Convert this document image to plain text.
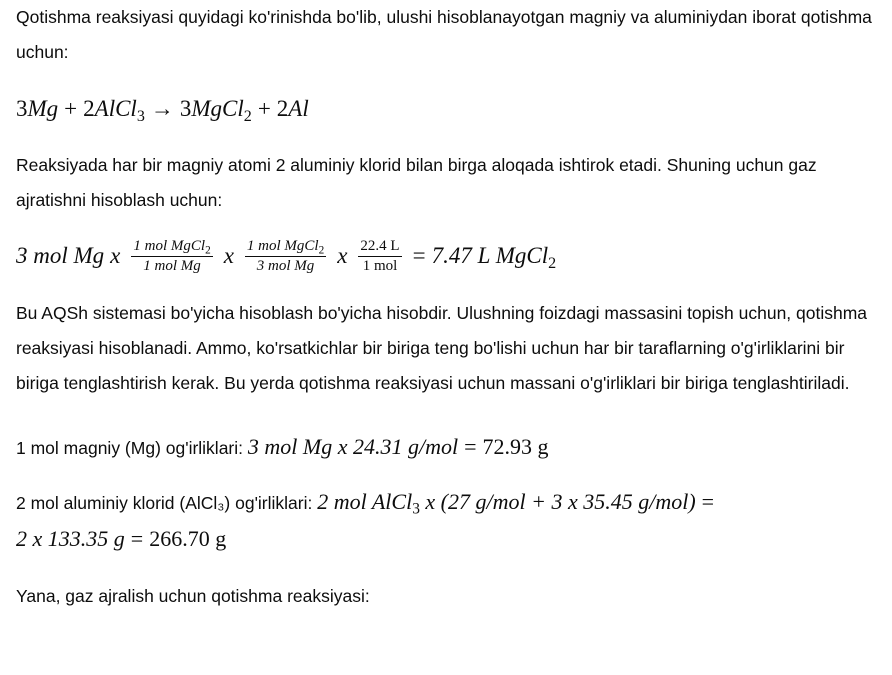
Qotishma reaksiyasi quyidagi ko'rinishda bo'lib, ulushi hisoblanayotgan magniy va aluminiydan iborat qotishma uchun:

3Mg + 2AlCl$_3$ → 3MgCl$_2$ + 2Al

Reaksiyada har bir magniy atomi 2 aluminiy klorid bilan birga aloqada ishtirok etadi. Shuning uchun gaz ajratishni hisoblash uchun:

3 mol Mg x $\frac{1 mol MgCl_2}{\text{1 mol Mg}}$ x $\frac{1 mol MgCl_2}{\text{3 mol Mg}}$ x $\frac{22.4 L}{\text{1 mol}} = 7.47$ L MgCl$_2$

Bu AQSh sistemasi bo'yicha hisoblash bo'yicha hisobdir. Ulushning foizdagi massasini topish uchun, qotishma reaksiyasi hisoblanadi. Ammo, ko'rsatkichlar bir biriga teng bo'lishi uchun har bir taraflarning o'g'irliklarini bir biriga tenglashtirish kerak. Bu yerda qotishma reaksiyasi uchun massani o'g'irliklari bir biriga tenglashtiriladi.

1 mol magniy (Mg) og'irliklari: 3 mol Mg x 24.31 g/mol = 72.93 g

2 mol aluminiy klorid (AlCl₃) og'irliklari: 2 mol AlCl$_3$ x (27 g/mol + 3 x 35.45 g/mol) =
2 x 133.35 g = 266.70 g

Yana, gaz ajralish uchun qotishma reaksiyasi:
